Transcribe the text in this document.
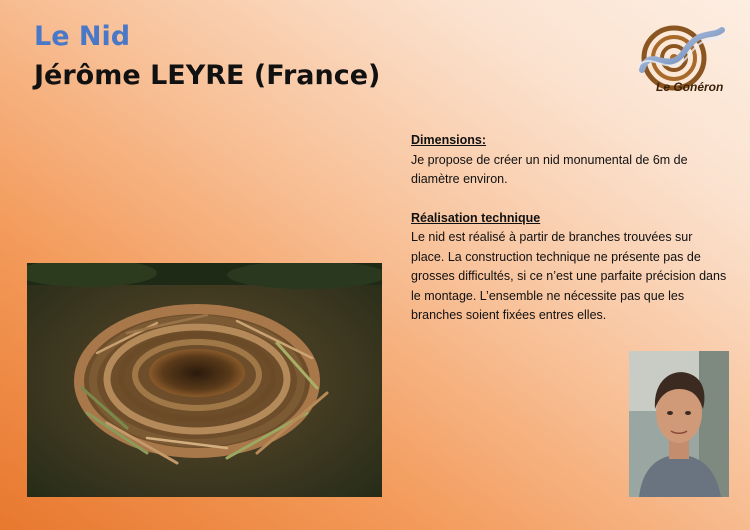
Le Nid
Jérôme LEYRE (France)	Le Gonéron
Dimensions:
Je propose de créer un nid monumental de 6m de diamètre environ.
Réalisation technique
Le nid est réalisé à partir de branches trouvées sur place. La construction technique ne présente pas de grosses difficultés, si ce n’est une parfaite précision dans le montage. L’ensemble ne nécessite pas que les branches soient fixées entres elles.
